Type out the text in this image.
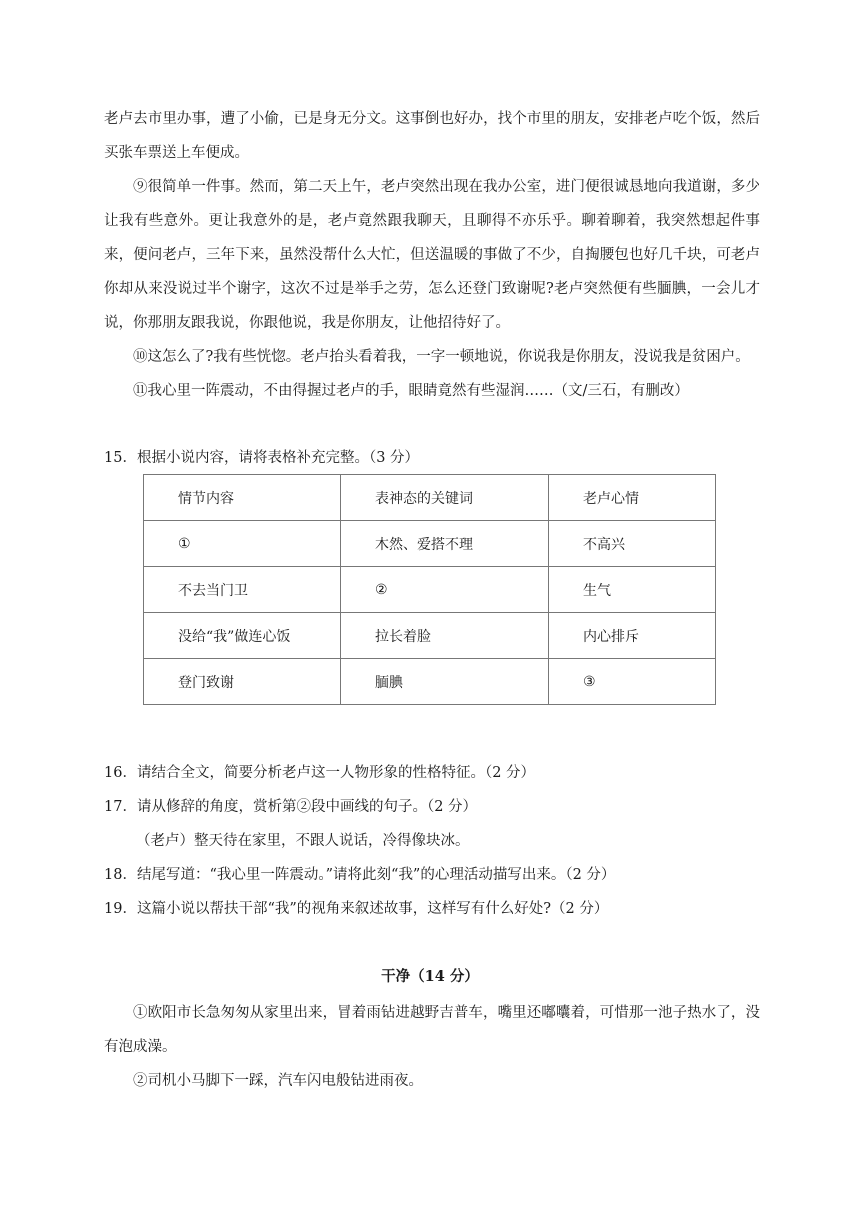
老卢去市里办事，遭了小偷，已是身无分文。这事倒也好办，找个市里的朋友，安排老卢吃个饭，然后买张车票送上车便成。

⑨很简单一件事。然而，第二天上午，老卢突然出现在我办公室，进门便很诚恳地向我道谢，多少让我有些意外。更让我意外的是，老卢竟然跟我聊天，且聊得不亦乐乎。聊着聊着，我突然想起件事来，便问老卢，三年下来，虽然没帮什么大忙，但送温暖的事做了不少，自掏腰包也好几千块，可老卢你却从来没说过半个谢字，这次不过是举手之劳，怎么还登门致谢呢?老卢突然便有些腼腆，一会儿才说，你那朋友跟我说，你跟他说，我是你朋友，让他招待好了。

⑩这怎么了?我有些恍惚。老卢抬头看着我，一字一顿地说，你说我是你朋友，没说我是贫困户。

⑪我心里一阵震动，不由得握过老卢的手，眼睛竟然有些湿润……（文/三石，有删改）

15．根据小说内容，请将表格补充完整。（3 分）

情节内容	表神态的关键词	老卢心情
①	木然、爱搭不理	不高兴
不去当门卫	②	生气
没给“我”做连心饭	拉长着脸	内心排斥
登门致谢	腼腆	③

16．请结合全文，简要分析老卢这一人物形象的性格特征。（2 分）

17．请从修辞的角度，赏析第②段中画线的句子。（2 分）

（老卢）整天待在家里，不跟人说话，冷得像块冰。

18．结尾写道：“我心里一阵震动。”请将此刻“我”的心理活动描写出来。（2 分）

19．这篇小说以帮扶干部“我”的视角来叙述故事，这样写有什么好处?（2 分）

干净（14 分）

①欧阳市长急匆匆从家里出来，冒着雨钻进越野吉普车，嘴里还嘟囔着，可惜那一池子热水了，没有泡成澡。

②司机小马脚下一踩，汽车闪电般钻进雨夜。
